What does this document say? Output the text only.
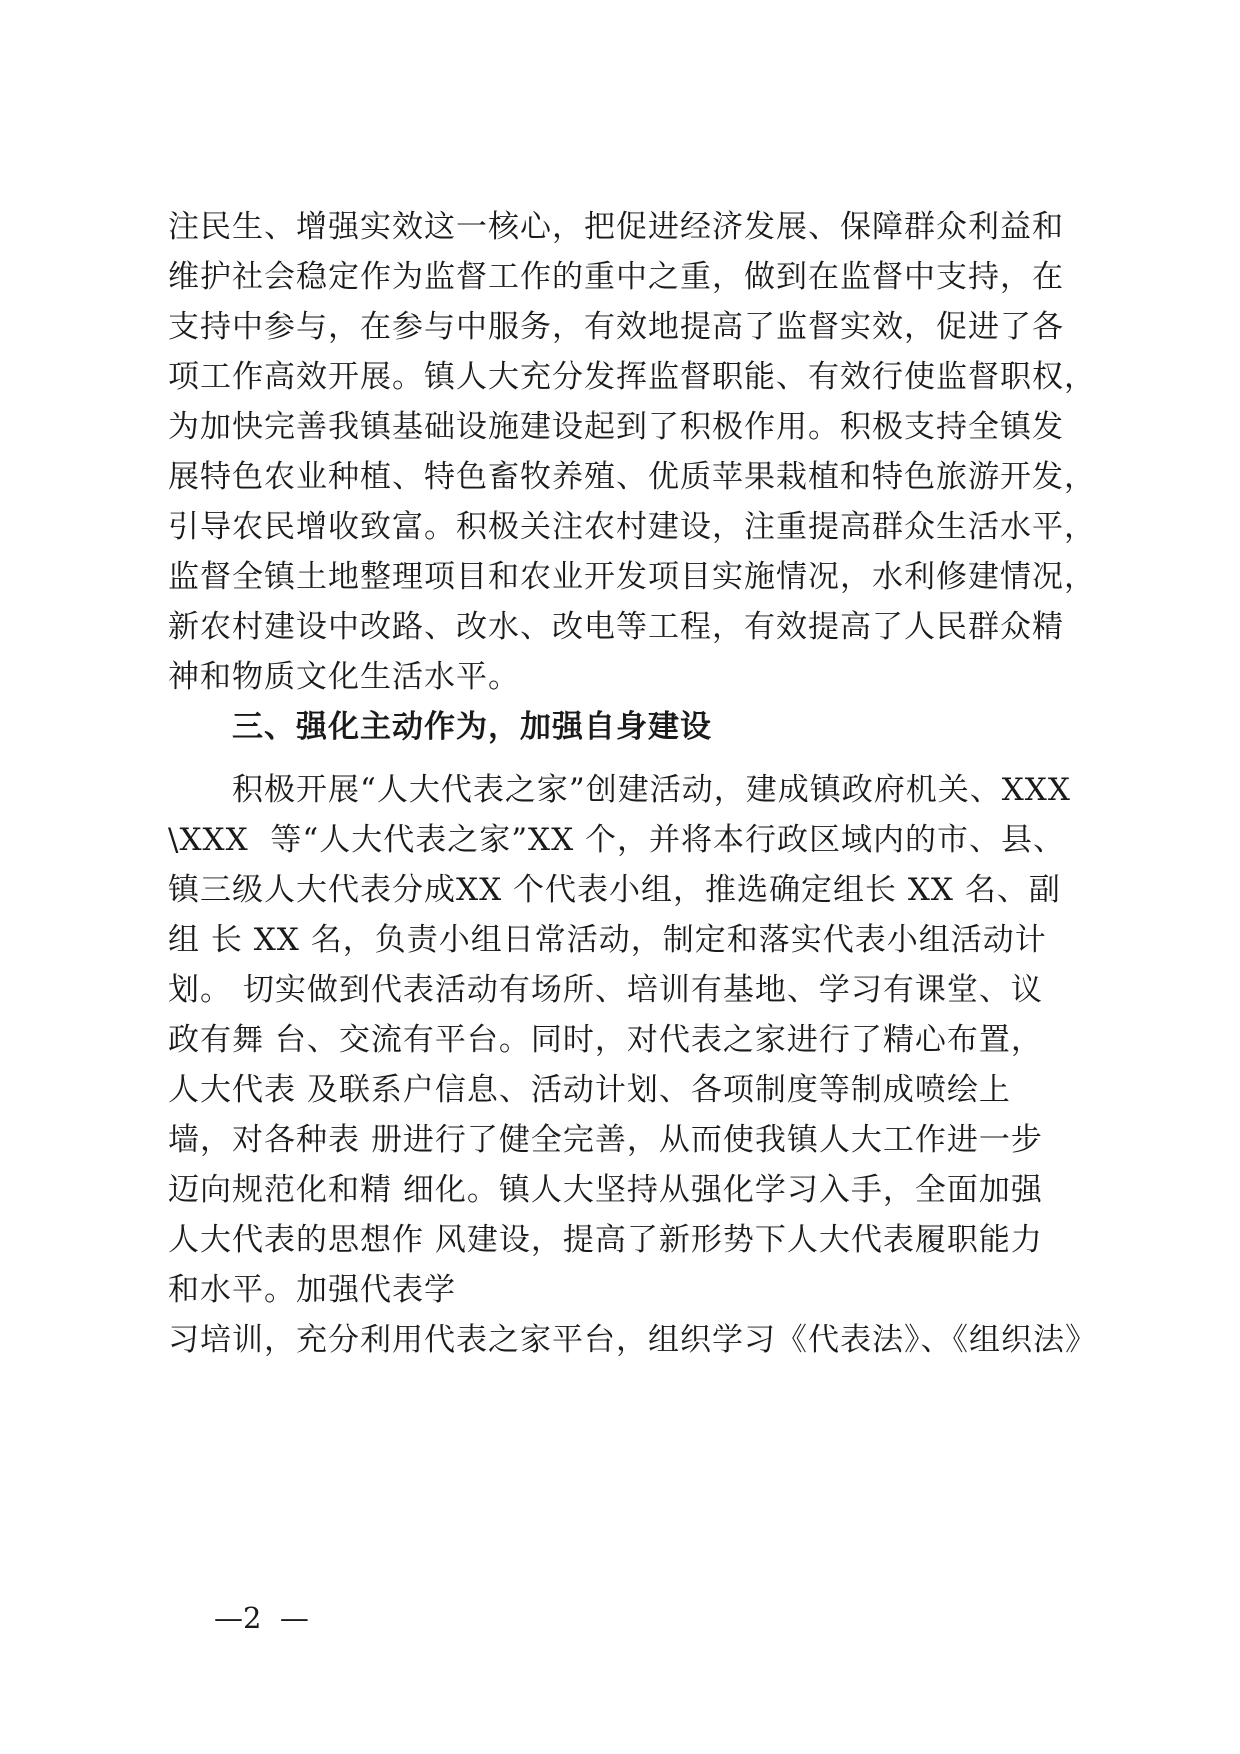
注民生、增强实效这一核心，把促进经济发展、保障群众利益和
维护社会稳定作为监督工作的重中之重，做到在监督中支持，在
支持中参与，在参与中服务，有效地提高了监督实效，促进了各
项工作高效开展。镇人大充分发挥监督职能、有效行使监督职权，
为加快完善我镇基础设施建设起到了积极作用。积极支持全镇发
展特色农业种植、特色畜牧养殖、优质苹果栽植和特色旅游开发，
引导农民增收致富。积极关注农村建设，注重提高群众生活水平，
监督全镇土地整理项目和农业开发项目实施情况，水利修建情况，
新农村建设中改路、改水、改电等工程，有效提高了人民群众精
神和物质文化生活水平。
三、强化主动作为，加强自身建设
积极开展“人大代表之家”创建活动，建成镇政府机关、XXX
\XXX  等“人大代表之家”XX 个，并将本行政区域内的市、县、
镇三级人大代表分成XX 个代表小组，推选确定组长 XX 名、副
组 长 XX 名，负责小组日常活动，制定和落实代表小组活动计
划。 切实做到代表活动有场所、培训有基地、学习有课堂、议
政有舞 台、交流有平台。同时，对代表之家进行了精心布置，
人大代表 及联系户信息、活动计划、各项制度等制成喷绘上
墙，对各种表 册进行了健全完善，从而使我镇人大工作进一步
迈向规范化和精 细化。镇人大坚持从强化学习入手，全面加强
人大代表的思想作 风建设，提高了新形势下人大代表履职能力
和水平。加强代表学
习培训，充分利用代表之家平台，组织学习《代表法》、《组织法》
—2  —
